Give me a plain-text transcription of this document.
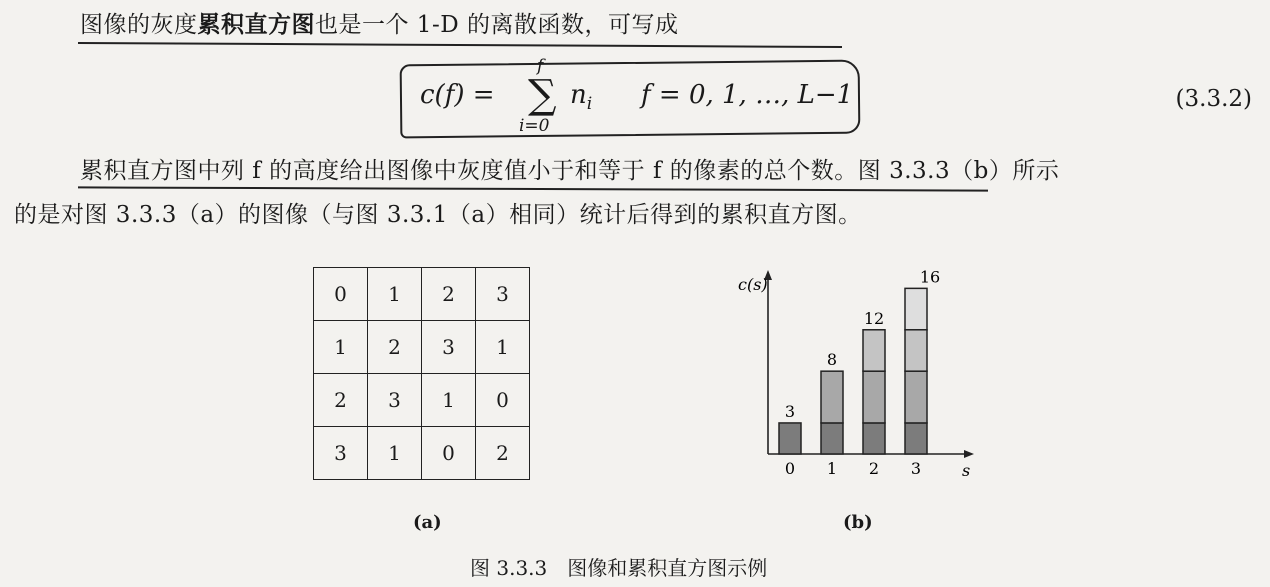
图像的灰度累积直方图也是一个 1-D 的离散函数，可写成
c(f) =
f
∑
i=0
$n_i$ f = 0, 1, …, L−1	(3.3.2)
累积直方图中列 f 的高度给出图像中灰度值小于和等于 f 的像素的总个数。图 3.3.3（b）所示
的是对图 3.3.3（a）的图像（与图 3.3.1（a）相同）统计后得到的累积直方图。
0	1	2	3
1	2	3	1
2	3	1	0
3	1	0	2
(a)
c(s)
s
3
0
8
1
12
2
16
3
(b)
图 3.3.3　图像和累积直方图示例
